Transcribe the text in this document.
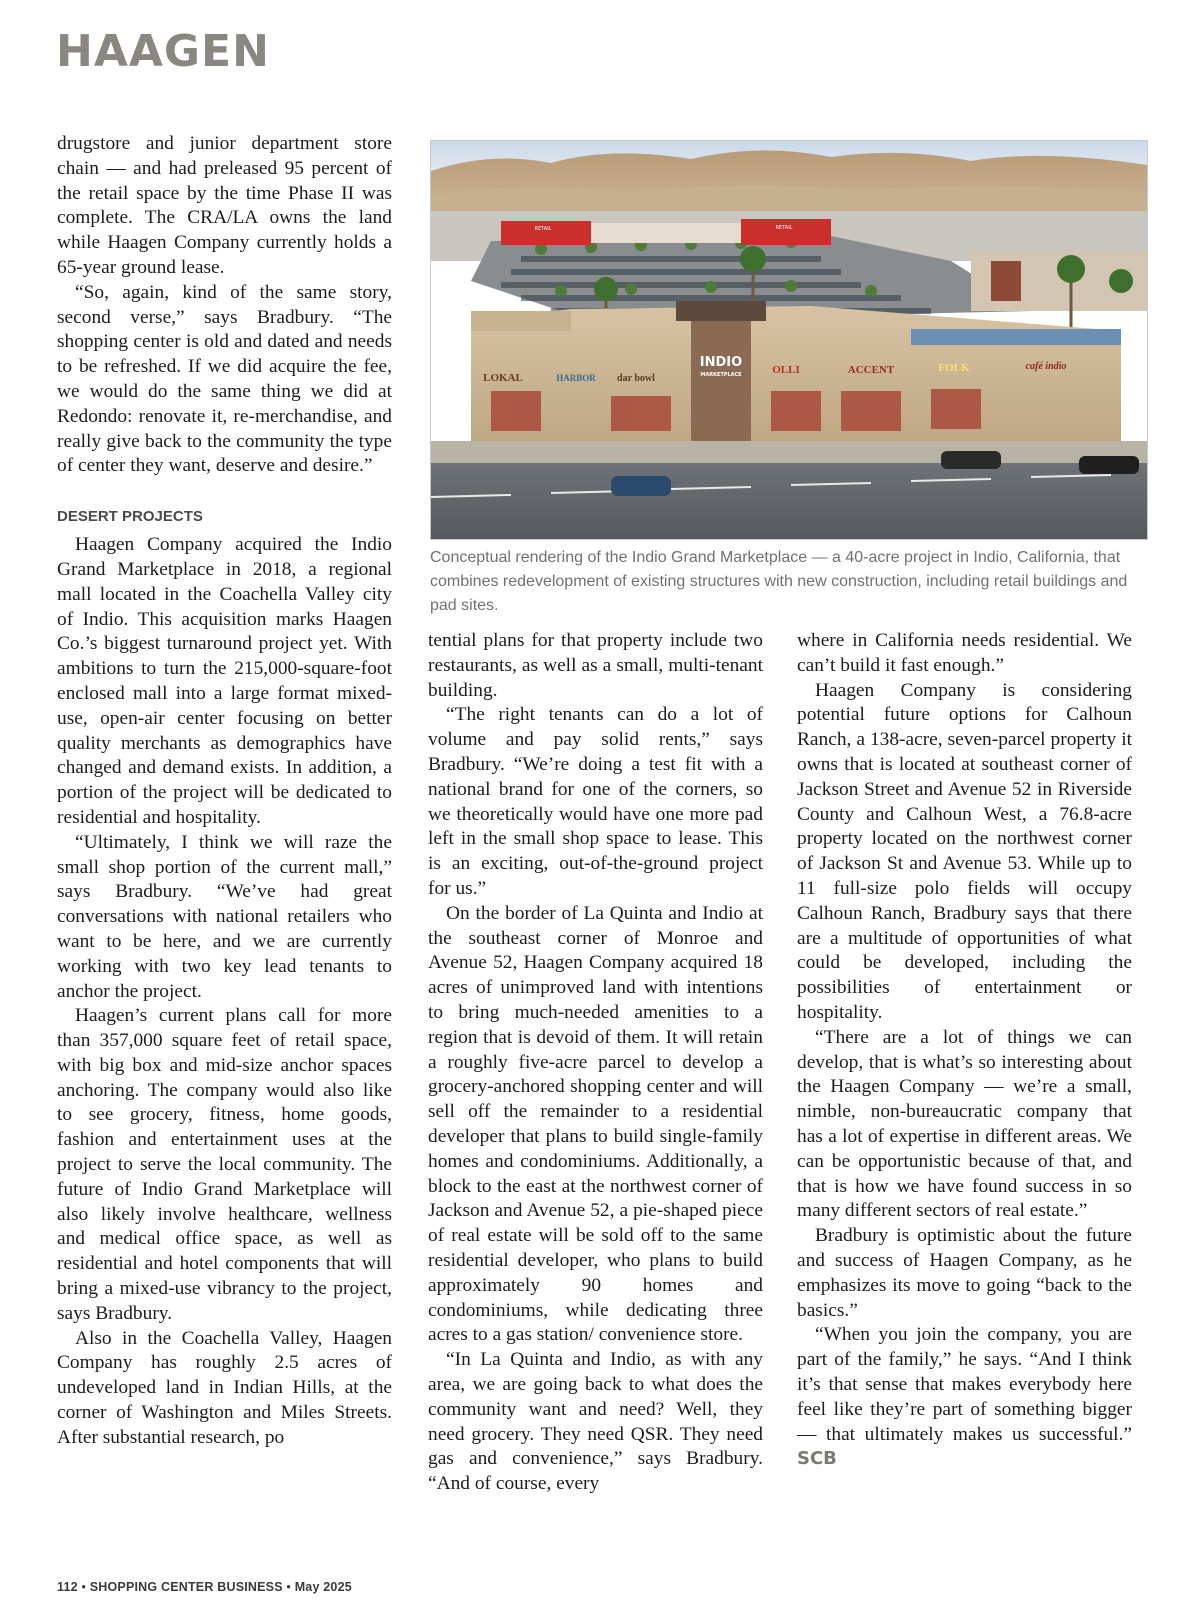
HAAGEN

drugstore and junior department store chain — and had preleased 95 percent of the retail space by the time Phase II was complete. The CRA/LA owns the land while Haagen Company currently holds a 65-year ground lease.

“So, again, kind of the same story, second verse,” says Bradbury. “The shopping center is old and dated and needs to be refreshed. If we did acquire the fee, we would do the same thing we did at Redondo: renovate it, re-merchandise, and really give back to the community the type of center they want, deserve and desire.”

DESERT PROJECTS

Haagen Company acquired the Indio Grand Marketplace in 2018, a regional mall located in the Coachella Valley city of Indio. This acquisition marks Haagen Co.’s biggest turnaround project yet. With ambitions to turn the 215,000-square-foot enclosed mall into a large format mixed-use, open-air center focusing on better quality merchants as demographics have changed and demand exists. In addition, a portion of the project will be dedicated to residential and hospitality.

“Ultimately, I think we will raze the small shop portion of the current mall,” says Bradbury. “We’ve had great conversations with national retailers who want to be here, and we are currently working with two key lead tenants to anchor the project.

Haagen’s current plans call for more than 357,000 square feet of retail space, with big box and mid-size anchor spaces anchoring. The company would also like to see grocery, fitness, home goods, fashion and entertainment uses at the project to serve the local community. The future of Indio Grand Marketplace will also likely involve healthcare, wellness and medical office space, as well as residential and hotel components that will bring a mixed-use vibrancy to the project, says Bradbury.

Also in the Coachella Valley, Haagen Company has roughly 2.5 acres of undeveloped land in Indian Hills, at the corner of Washington and Miles Streets. After substantial research, po

RETAIL	RETAIL
LOKAL	HARBOR dar bowl
INDIO
MARKETPLACE	OLLI	ACCENT	FOLK	café indio
Conceptual rendering of the Indio Grand Marketplace — a 40-acre project in Indio, California, that combines redevelopment of existing structures with new construction, including retail buildings and pad sites.

tential plans for that property include two restaurants, as well as a small, multi-tenant building.

“The right tenants can do a lot of volume and pay solid rents,” says Bradbury. “We’re doing a test fit with a national brand for one of the corners, so we theoretically would have one more pad left in the small shop space to lease. This is an exciting, out-of-the-ground project for us.”

On the border of La Quinta and Indio at the southeast corner of Monroe and Avenue 52, Haagen Company acquired 18 acres of unimproved land with intentions to bring much-needed amenities to a region that is devoid of them. It will retain a roughly five-acre parcel to develop a grocery-anchored shopping center and will sell off the remainder to a residential developer that plans to build single-family homes and condominiums. Additionally, a block to the east at the northwest corner of Jackson and Avenue 52, a pie-shaped piece of real estate will be sold off to the same residential developer, who plans to build approximately 90 homes and condominiums, while dedicating three acres to a gas station/ convenience store.

“In La Quinta and Indio, as with any area, we are going back to what does the community want and need? Well, they need grocery. They need QSR. They need gas and convenience,” says Bradbury. “And of course, every

where in California needs residential. We can’t build it fast enough.”

Haagen Company is considering potential future options for Calhoun Ranch, a 138-acre, seven-parcel property it owns that is located at southeast corner of Jackson Street and Avenue 52 in Riverside County and Calhoun West, a 76.8-acre property located on the northwest corner of Jackson St and Avenue 53. While up to 11 full-size polo fields will occupy Calhoun Ranch, Bradbury says that there are a multitude of opportunities of what could be developed, including the possibilities of entertainment or hospitality.

“There are a lot of things we can develop, that is what’s so interesting about the Haagen Company — we’re a small, nimble, non-bureaucratic company that has a lot of expertise in different areas. We can be opportunistic because of that, and that is how we have found success in so many different sectors of real estate.”

Bradbury is optimistic about the future and success of Haagen Company, as he emphasizes its move to going “back to the basics.”

“When you join the company, you are part of the family,” he says. “And I think it’s that sense that makes everybody here feel like they’re part of something bigger — that ultimately makes us successful.” SCB

112 • SHOPPING CENTER BUSINESS • May 2025
